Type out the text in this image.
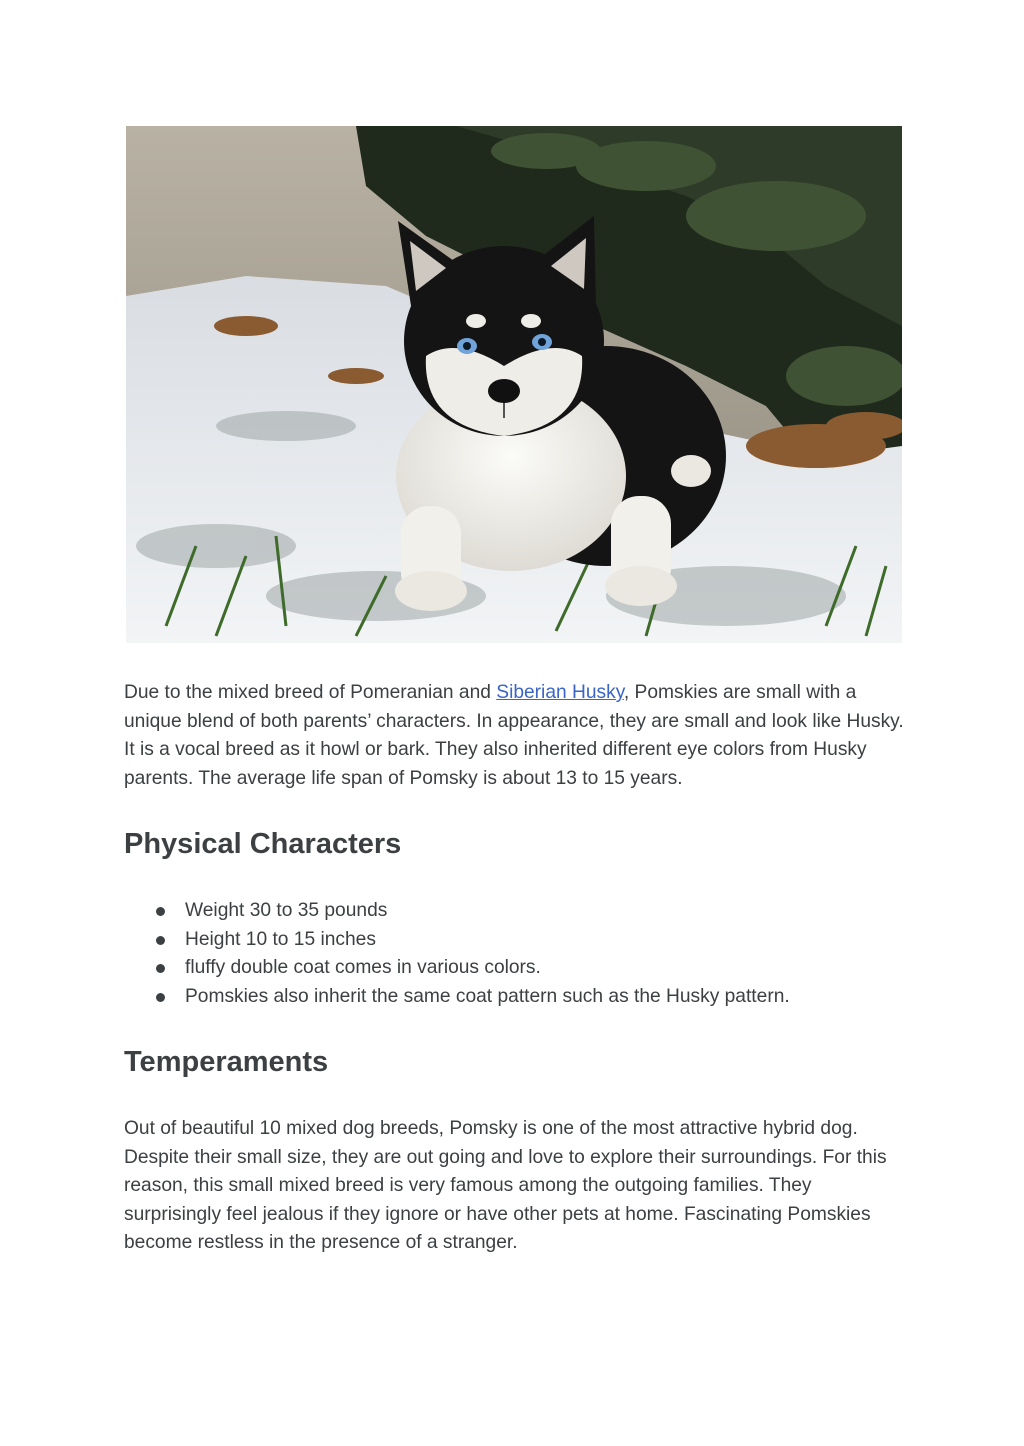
Due to the mixed breed of Pomeranian and Siberian Husky, Pomskies are small with a unique blend of both parents’ characters. In appearance, they are small and look like Husky. It is a vocal breed as it howl or bark. They also inherited different eye colors from Husky parents. The average life span of Pomsky is about 13 to 15 years.

Physical Characters
Weight 30 to 35 pounds
Height 10 to 15 inches
fluffy double coat comes in various colors.
Pomskies also inherit the same coat pattern such as the Husky pattern.
Temperaments

Out of beautiful 10 mixed dog breeds, Pomsky is one of the most attractive hybrid dog. Despite their small size, they are out going and love to explore their surroundings. For this reason, this small mixed breed is very famous among the outgoing families. They surprisingly feel jealous if they ignore or have other pets at home. Fascinating Pomskies become restless in the presence of a stranger.
